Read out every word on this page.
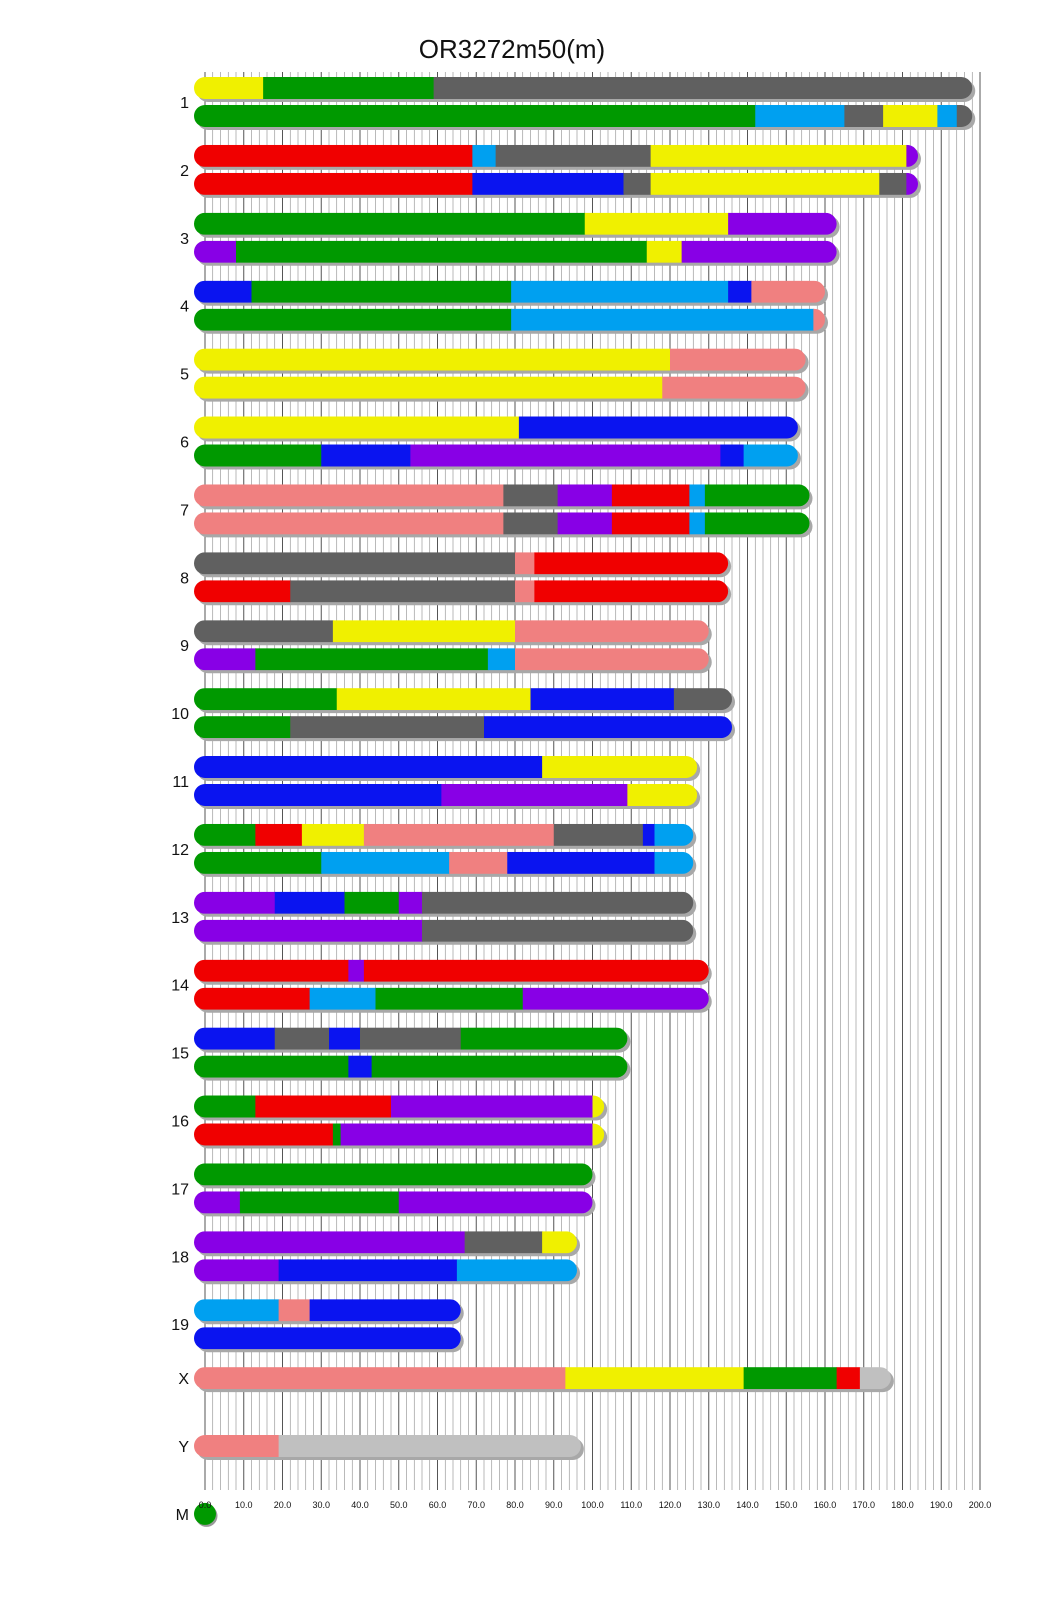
OR3272m50(m)
1
2
3
4
5
6
7
8
9
10
11
12
13
14
15
16
17
18
19
X
Y
M
0.0	10.0 20.0 30.0 40.0 50.0 60.0 70.0 80.0 90.0 100.0 110.0 120.0 130.0 140.0 150.0 160.0 170.0 180.0 190.0 200.0
